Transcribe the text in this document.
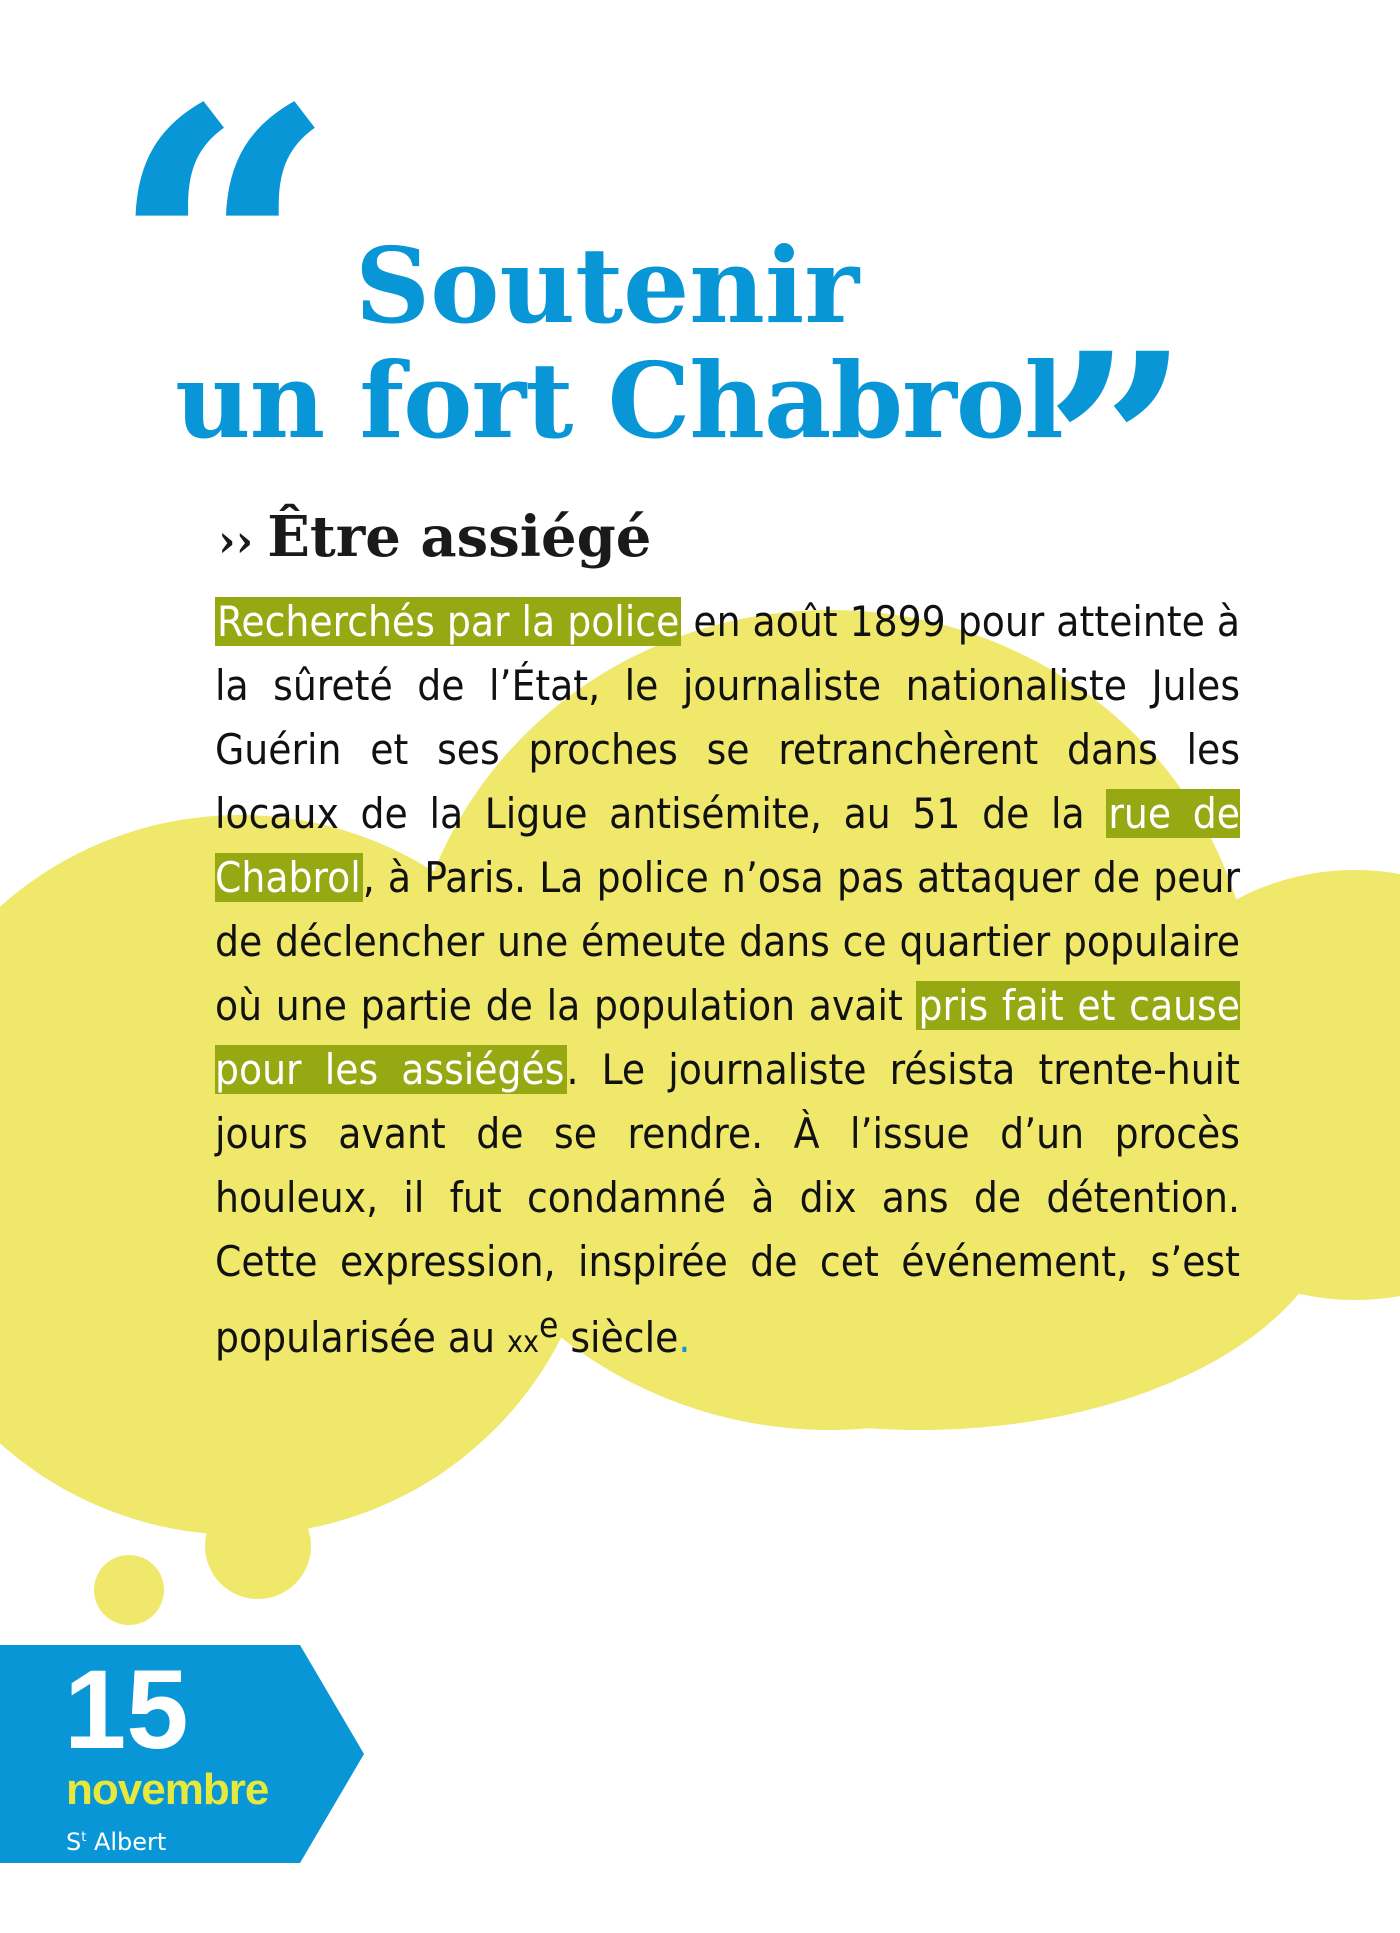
“	”
Soutenir
un fort Chabrol
›› Être assiégé

Recherchés par la police en août 1899 pour atteinte à la sûreté de l’État, le journaliste nationaliste Jules Guérin et ses proches se retranchèrent dans les locaux de la Ligue antisémite, au 51 de la rue de Chabrol, à Paris. La police n’osa pas attaquer de peur de déclencher une émeute dans ce quartier populaire où une partie de la population avait pris fait et cause pour les assiégés. Le journaliste résista trente-huit jours avant de se rendre. À l’issue d’un procès houleux, il fut condamné à dix ans de détention. Cette expression, inspirée de cet événement, s’est popularisée au $xx^e$ siècle.

15
novembre
$S^t$ Albert
